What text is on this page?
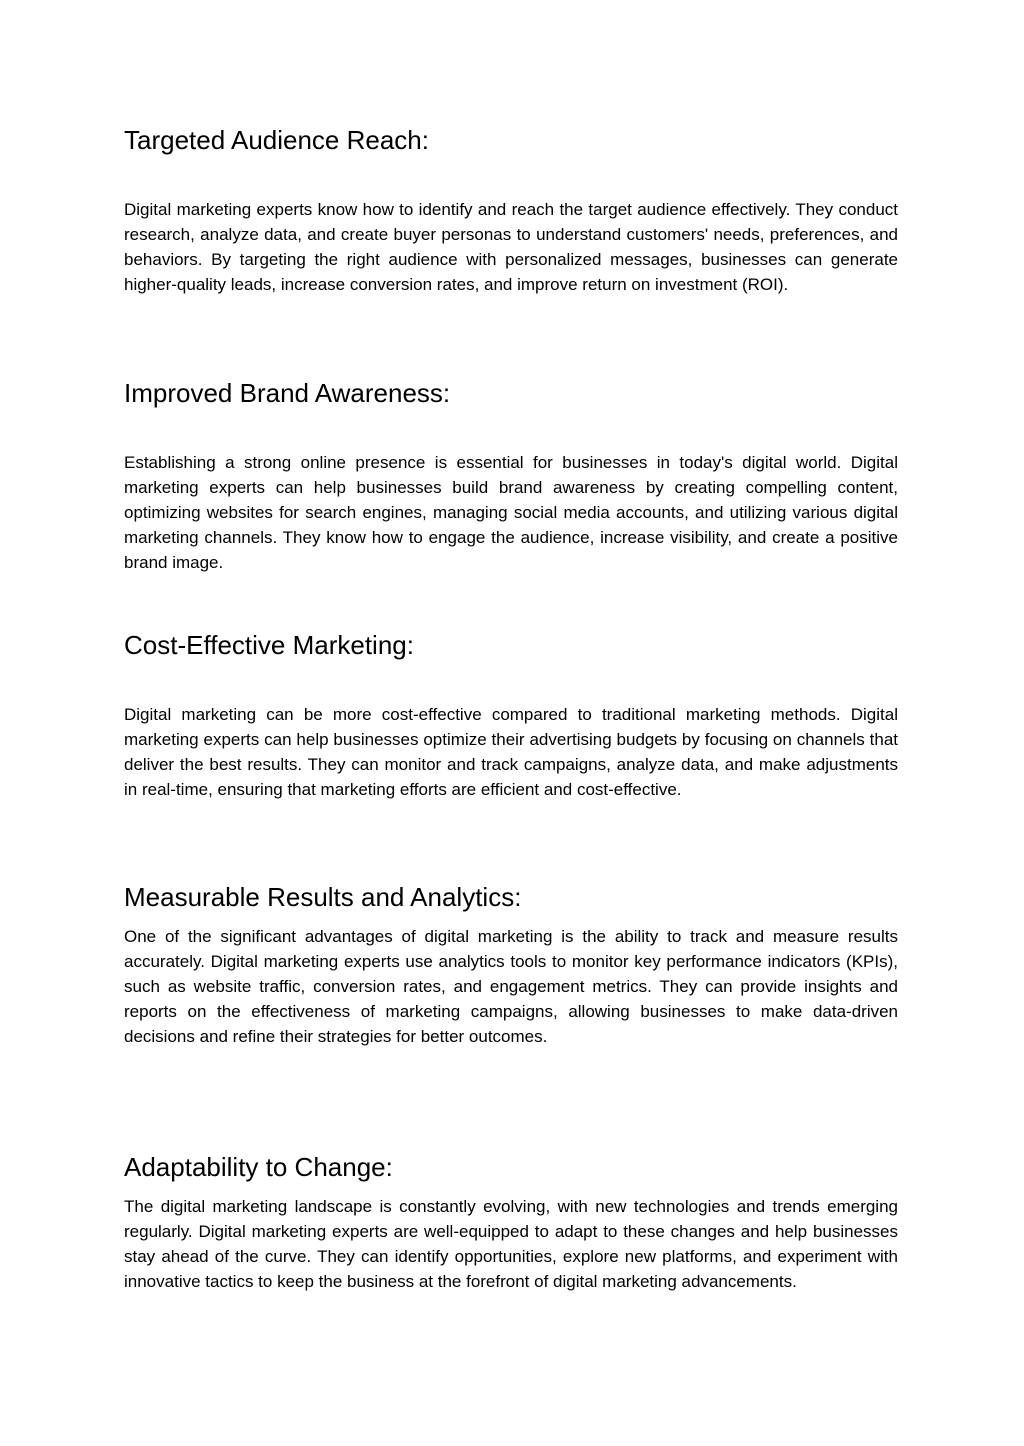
Targeted Audience Reach:

Digital marketing experts know how to identify and reach the target audience effectively. They conduct research, analyze data, and create buyer personas to understand customers' needs, preferences, and behaviors. By targeting the right audience with personalized messages, businesses can generate higher-quality leads, increase conversion rates, and improve return on investment (ROI).

Improved Brand Awareness:

Establishing a strong online presence is essential for businesses in today's digital world. Digital marketing experts can help businesses build brand awareness by creating compelling content, optimizing websites for search engines, managing social media accounts, and utilizing various digital marketing channels. They know how to engage the audience, increase visibility, and create a positive brand image.

Cost-Effective Marketing:

Digital marketing can be more cost-effective compared to traditional marketing methods. Digital marketing experts can help businesses optimize their advertising budgets by focusing on channels that deliver the best results. They can monitor and track campaigns, analyze data, and make adjustments in real-time, ensuring that marketing efforts are efficient and cost-effective.

Measurable Results and Analytics:

One of the significant advantages of digital marketing is the ability to track and measure results accurately. Digital marketing experts use analytics tools to monitor key performance indicators (KPIs), such as website traffic, conversion rates, and engagement metrics. They can provide insights and reports on the effectiveness of marketing campaigns, allowing businesses to make data-driven decisions and refine their strategies for better outcomes.

Adaptability to Change:

The digital marketing landscape is constantly evolving, with new technologies and trends emerging regularly. Digital marketing experts are well-equipped to adapt to these changes and help businesses stay ahead of the curve. They can identify opportunities, explore new platforms, and experiment with innovative tactics to keep the business at the forefront of digital marketing advancements.
